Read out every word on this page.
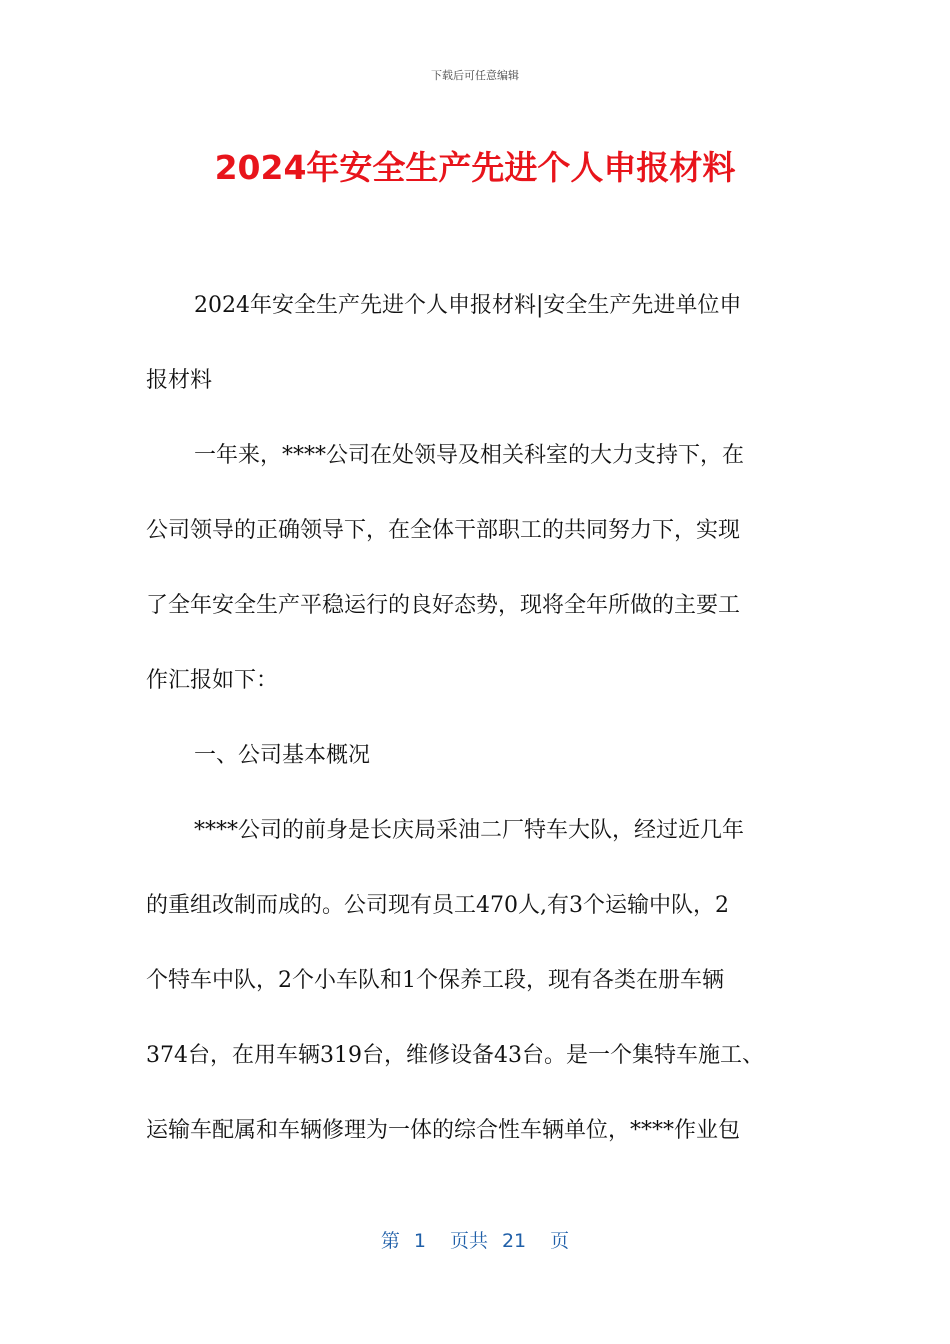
下载后可任意编辑
2024年安全生产先进个人申报材料
2024年安全生产先进个人申报材料|安全生产先进单位申
报材料
一年来，****公司在处领导及相关科室的大力支持下，在
公司领导的正确领导下，在全体干部职工的共同努力下，实现
了全年安全生产平稳运行的良好态势，现将全年所做的主要工
作汇报如下：
一、公司基本概况
****公司的前身是长庆局采油二厂特车大队，经过近几年
的重组改制而成的。公司现有员工470人,有3个运输中队，2
个特车中队，2个小车队和1个保养工段，现有各类在册车辆
374台，在用车辆319台，维修设备43台。是一个集特车施工、
运输车配属和车辆修理为一体的综合性车辆单位，****作业包
第 1 页共 21 页
